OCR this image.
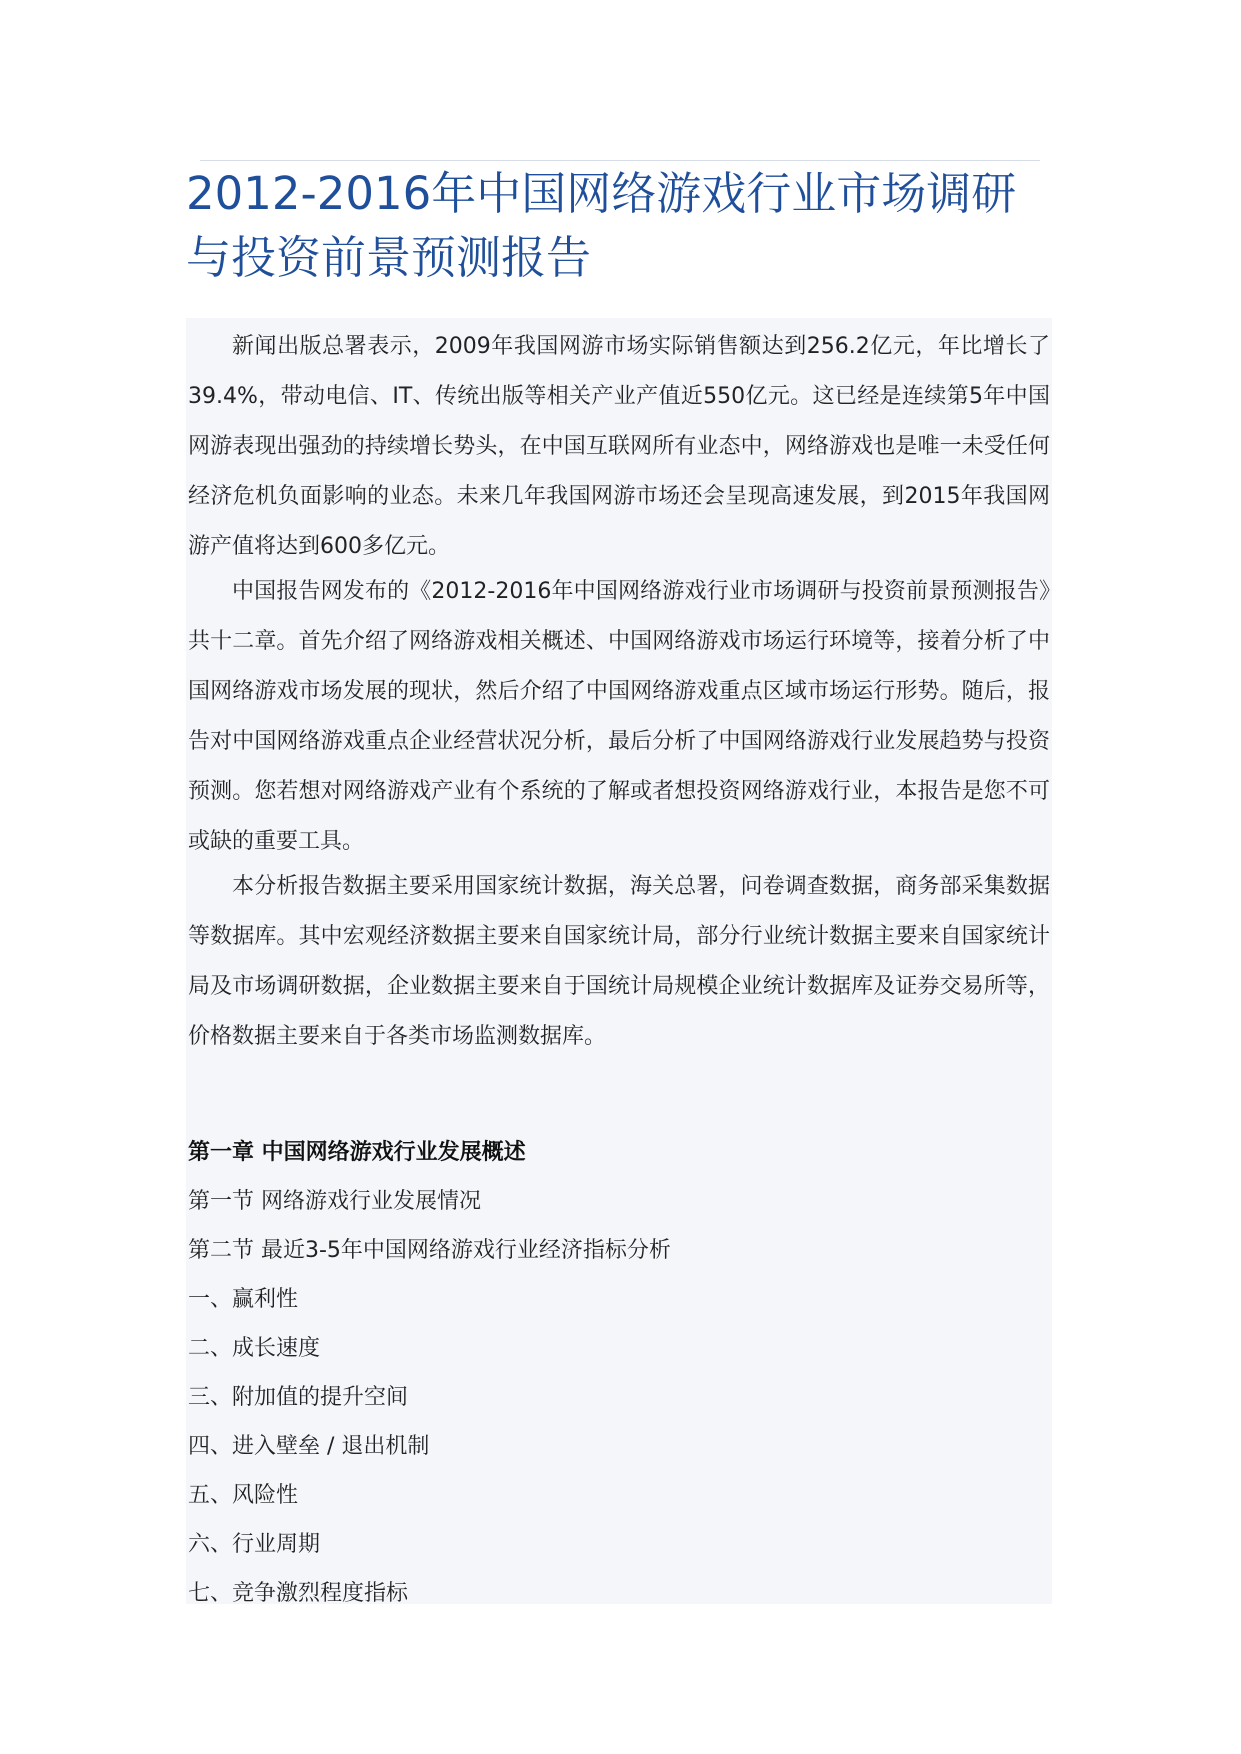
2012-2016年中国网络游戏行业市场调研与投资前景预测报告

新闻出版总署表示，2009年我国网游市场实际销售额达到256.2亿元，年比增长了39.4%，带动电信、IT、传统出版等相关产业产值近550亿元。这已经是连续第5年中国网游表现出强劲的持续增长势头，在中国互联网所有业态中，网络游戏也是唯一未受任何经济危机负面影响的业态。未来几年我国网游市场还会呈现高速发展，到2015年我国网游产值将达到600多亿元。

中国报告网发布的《2012-2016年中国网络游戏行业市场调研与投资前景预测报告》共十二章。首先介绍了网络游戏相关概述、中国网络游戏市场运行环境等，接着分析了中国网络游戏市场发展的现状，然后介绍了中国网络游戏重点区域市场运行形势。随后，报告对中国网络游戏重点企业经营状况分析，最后分析了中国网络游戏行业发展趋势与投资预测。您若想对网络游戏产业有个系统的了解或者想投资网络游戏行业，本报告是您不可或缺的重要工具。

本分析报告数据主要采用国家统计数据，海关总署，问卷调查数据，商务部采集数据等数据库。其中宏观经济数据主要来自国家统计局，部分行业统计数据主要来自国家统计局及市场调研数据，企业数据主要来自于国统计局规模企业统计数据库及证券交易所等，价格数据主要来自于各类市场监测数据库。

第一章 中国网络游戏行业发展概述
第一节 网络游戏行业发展情况
第二节 最近3-5年中国网络游戏行业经济指标分析
一、赢利性
二、成长速度
三、附加值的提升空间
四、进入壁垒 / 退出机制
五、风险性
六、行业周期
七、竞争激烈程度指标
